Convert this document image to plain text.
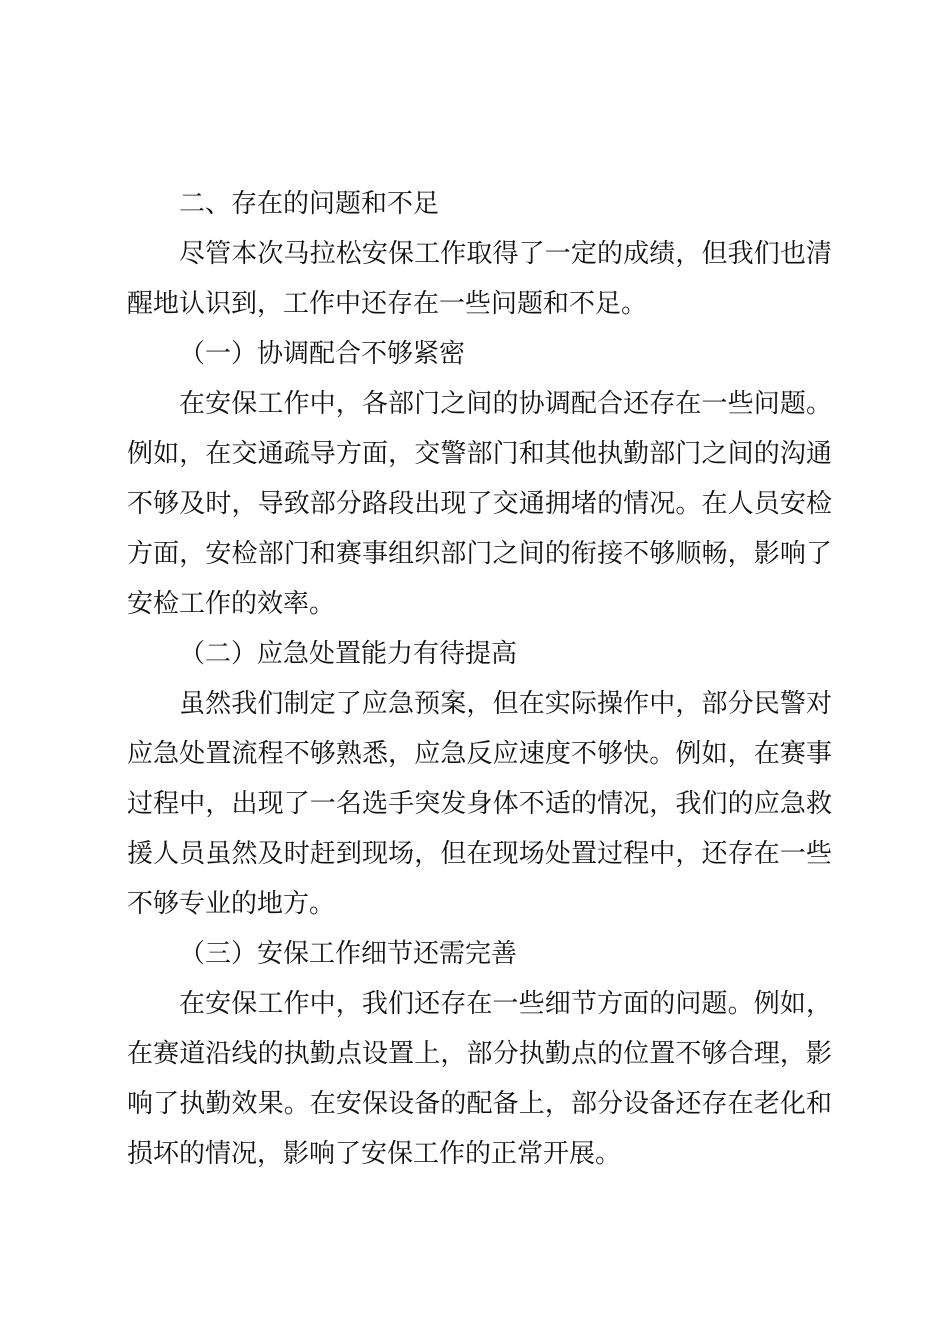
二、存在的问题和不足

尽管本次马拉松安保工作取得了一定的成绩，但我们也清醒地认识到，工作中还存在一些问题和不足。

（一）协调配合不够紧密

在安保工作中，各部门之间的协调配合还存在一些问题。例如，在交通疏导方面，交警部门和其他执勤部门之间的沟通不够及时，导致部分路段出现了交通拥堵的情况。在人员安检方面，安检部门和赛事组织部门之间的衔接不够顺畅，影响了安检工作的效率。

（二）应急处置能力有待提高

虽然我们制定了应急预案，但在实际操作中，部分民警对应急处置流程不够熟悉，应急反应速度不够快。例如，在赛事过程中，出现了一名选手突发身体不适的情况，我们的应急救援人员虽然及时赶到现场，但在现场处置过程中，还存在一些不够专业的地方。

（三）安保工作细节还需完善

在安保工作中，我们还存在一些细节方面的问题。例如，在赛道沿线的执勤点设置上，部分执勤点的位置不够合理，影响了执勤效果。在安保设备的配备上，部分设备还存在老化和损坏的情况，影响了安保工作的正常开展。
